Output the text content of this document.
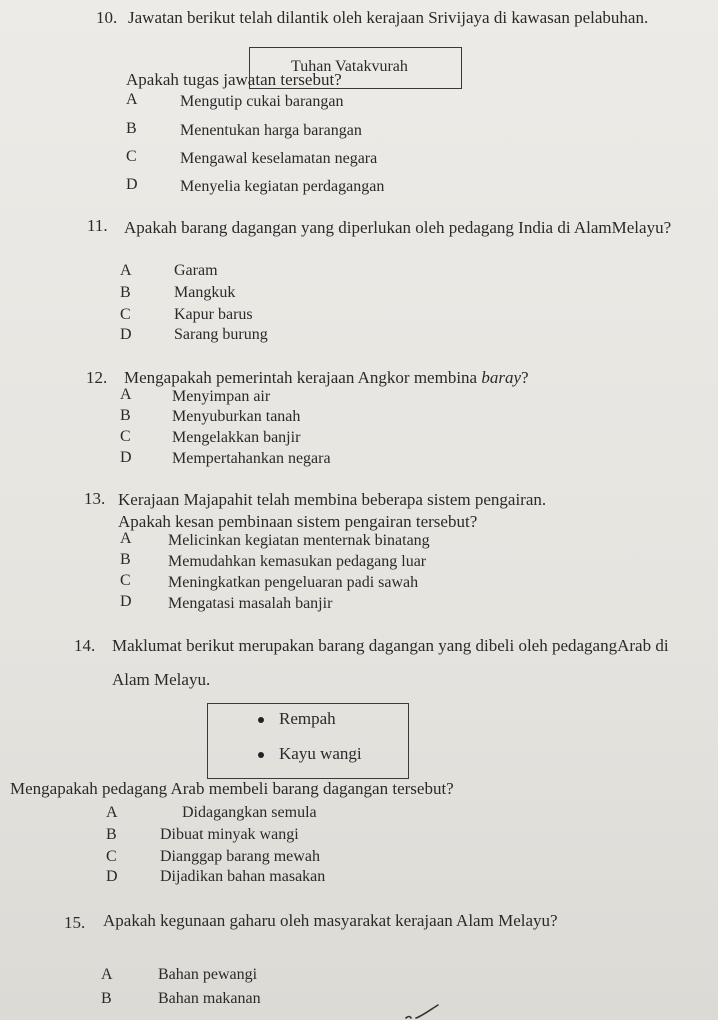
10. Jawatan berikut telah dilantik oleh kerajaan Srivijaya di kawasan pelabuhan.
Tuhan Vatakvurah
Apakah tugas jawatan tersebut?
A	Mengutip cukai barangan
B	Menentukan harga barangan
C	Mengawal keselamatan negara
D	Menyelia kegiatan perdagangan
11. Apakah barang dagangan yang diperlukan oleh pedagang India di AlamMelayu?
A	Garam
B	Mangkuk
C	Kapur barus
D	Sarang burung
12. Mengapakah pemerintah kerajaan Angkor membina baray?
A	Menyimpan air
B	Menyuburkan tanah
C	Mengelakkan banjir
D	Mempertahankan negara
13. Kerajaan Majapahit telah membina beberapa sistem pengairan.
Apakah kesan pembinaan sistem pengairan tersebut?
A Melicinkan kegiatan menternak binatang
B Memudahkan kemasukan pedagang luar
C Meningkatkan pengeluaran padi sawah
D Mengatasi masalah banjir
14. Maklumat berikut merupakan barang dagangan yang dibeli oleh pedagangArab di
Alam Melayu.
Rempah
Kayu wangi
Mengapakah pedagang Arab membeli barang dagangan tersebut?
A	Didagangkan semula
B	Dibuat minyak wangi
C	Dianggap barang mewah
D	Dijadikan bahan masakan
15. Apakah kegunaan gaharu oleh masyarakat kerajaan Alam Melayu?
A	Bahan pewangi
B	Bahan makanan
